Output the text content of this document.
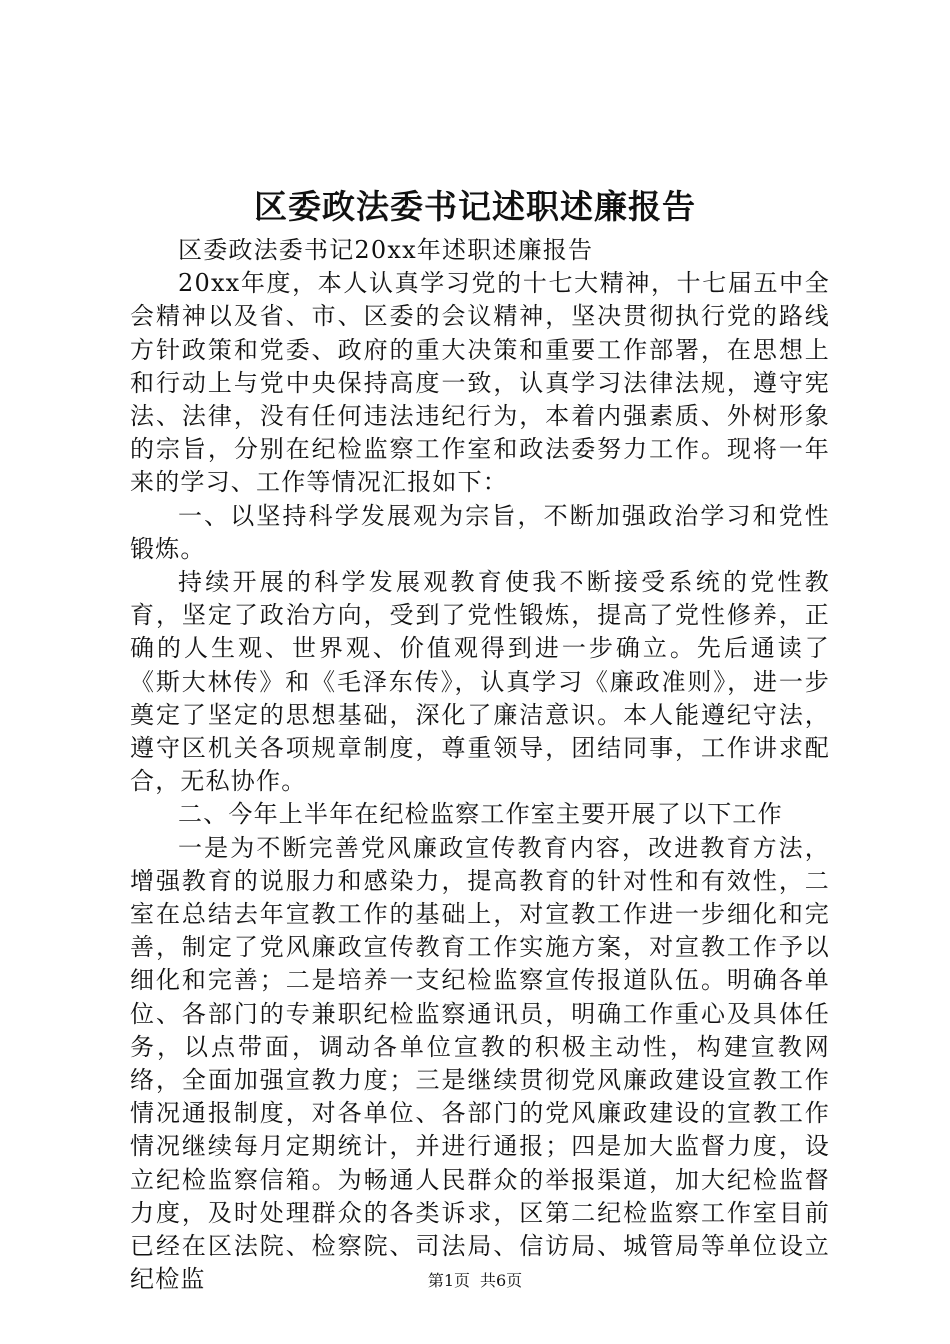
区委政法委书记述职述廉报告

区委政法委书记20xx年述职述廉报告

20xx年度，本人认真学习党的十七大精神，十七届五中全会精神以及省、市、区委的会议精神，坚决贯彻执行党的路线方针政策和党委、政府的重大决策和重要工作部署，在思想上和行动上与党中央保持高度一致，认真学习法律法规，遵守宪法、法律，没有任何违法违纪行为，本着内强素质、外树形象的宗旨，分别在纪检监察工作室和政法委努力工作。现将一年来的学习、工作等情况汇报如下：

一、以坚持科学发展观为宗旨，不断加强政治学习和党性锻炼。

持续开展的科学发展观教育使我不断接受系统的党性教育，坚定了政治方向，受到了党性锻炼，提高了党性修养，正确的人生观、世界观、价值观得到进一步确立。先后通读了《斯大林传》和《毛泽东传》，认真学习《廉政准则》，进一步奠定了坚定的思想基础，深化了廉洁意识。本人能遵纪守法，遵守区机关各项规章制度，尊重领导，团结同事，工作讲求配合，无私协作。

二、今年上半年在纪检监察工作室主要开展了以下工作

一是为不断完善党风廉政宣传教育内容，改进教育方法，增强教育的说服力和感染力，提高教育的针对性和有效性，二室在总结去年宣教工作的基础上，对宣教工作进一步细化和完善，制定了党风廉政宣传教育工作实施方案，对宣教工作予以细化和完善；二是培养一支纪检监察宣传报道队伍。明确各单位、各部门的专兼职纪检监察通讯员，明确工作重心及具体任务，以点带面，调动各单位宣教的积极主动性，构建宣教网络，全面加强宣教力度；三是继续贯彻党风廉政建设宣教工作情况通报制度，对各单位、各部门的党风廉政建设的宣教工作情况继续每月定期统计，并进行通报；四是加大监督力度，设立纪检监察信箱。为畅通人民群众的举报渠道，加大纪检监督力度，及时处理群众的各类诉求，区第二纪检监察工作室目前已经在区法院、检察院、司法局、信访局、城管局等单位设立纪检监	第1页 共6页
